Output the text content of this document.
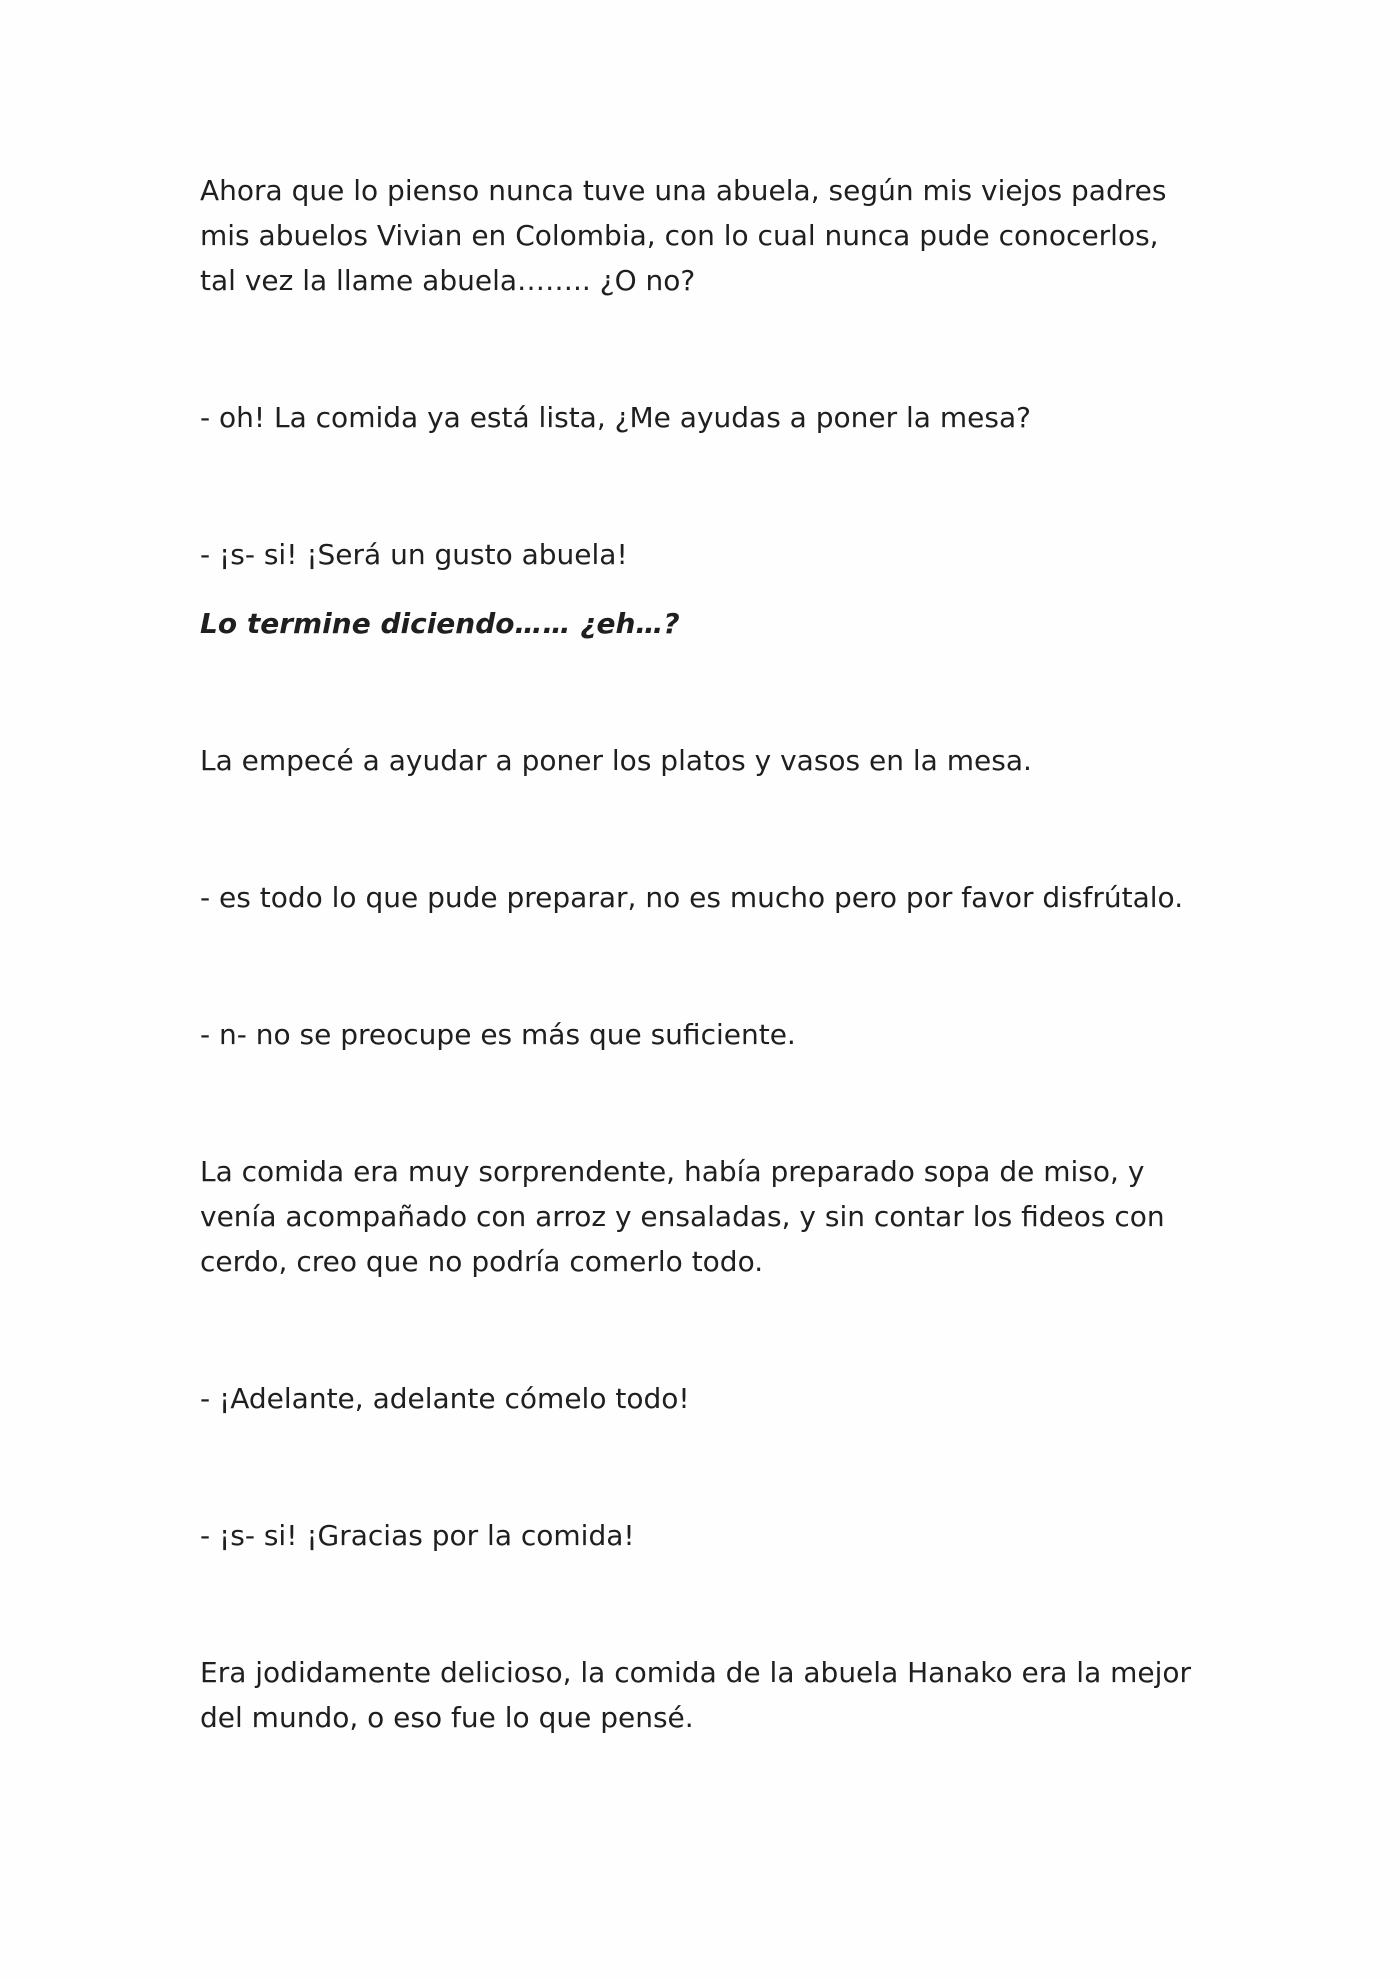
Ahora que lo pienso nunca tuve una abuela, según mis viejos padres mis abuelos Vivian en Colombia, con lo cual nunca pude conocerlos, tal vez la llame abuela…….. ¿O no?

- oh! La comida ya está lista, ¿Me ayudas a poner la mesa?

- ¡s- si! ¡Será un gusto abuela!

Lo termine diciendo…… ¿eh…?

La empecé a ayudar a poner los platos y vasos en la mesa.

- es todo lo que pude preparar, no es mucho pero por favor disfrútalo.

- n- no se preocupe es más que suficiente.

La comida era muy sorprendente, había preparado sopa de miso, y venía acompañado con arroz y ensaladas, y sin contar los fideos con cerdo, creo que no podría comerlo todo.

- ¡Adelante, adelante cómelo todo!

- ¡s- si! ¡Gracias por la comida!

Era jodidamente delicioso, la comida de la abuela Hanako era la mejor del mundo, o eso fue lo que pensé.
